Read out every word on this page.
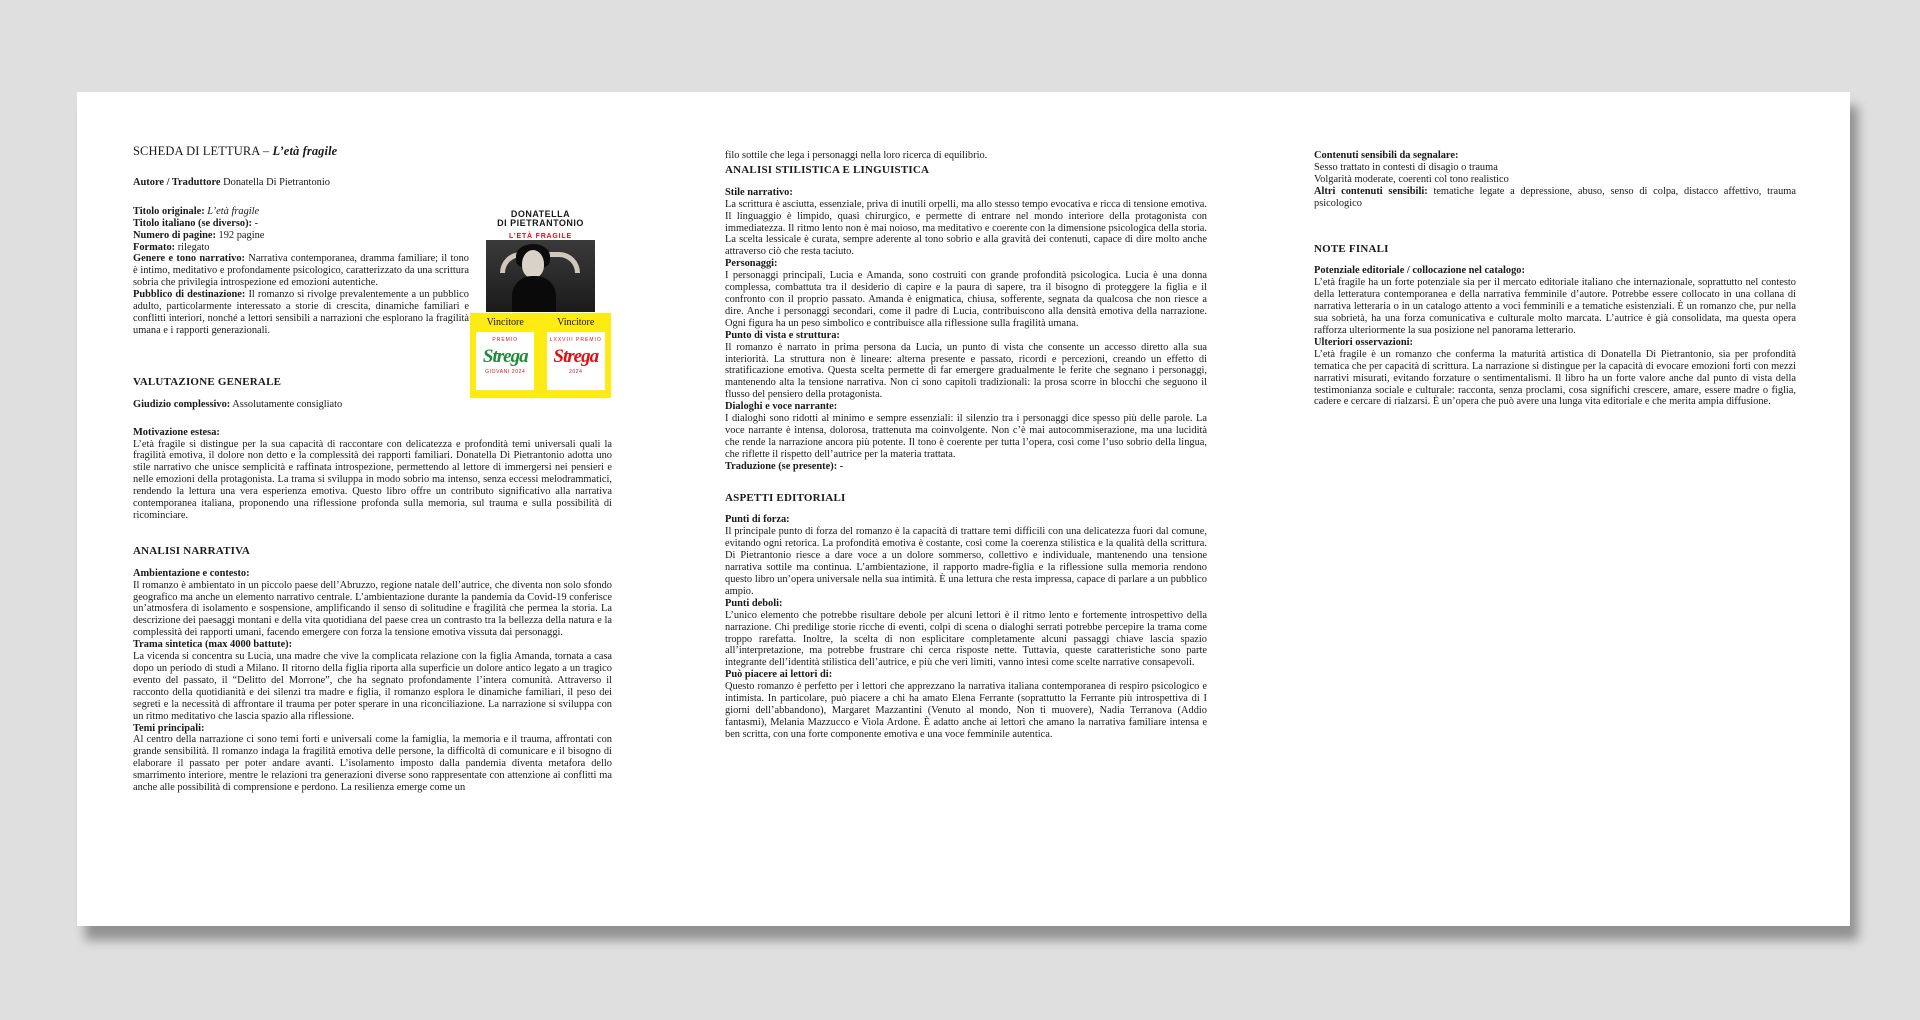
SCHEDA DI LETTURA – L’età fragile

Autore / Traduttore Donatella Di Pietrantonio

Titolo originale: L’età fragile

Titolo italiano (se diverso): -

Numero di pagine: 192 pagine

Formato: rilegato

Genere e tono narrativo: Narrativa contemporanea, dramma familiare; il tono è intimo, meditativo e profondamente psicologico, caratterizzato da una scrittura sobria che privilegia introspezione ed emozioni autentiche.

Pubblico di destinazione: Il romanzo si rivolge prevalentemente a un pubblico adulto, particolarmente interessato a storie di crescita, dinamiche familiari e conflitti interiori, nonché a lettori sensibili a narrazioni che esplorano la fragilità umana e i rapporti generazionali.

DONATELLA
DI PIETRANTONIO
L’ETÀ FRAGILE
Vincitore
PREMIO
Strega
GIOVANI 2024
Vincitore
LXXVIII PREMIO
Strega
2024
VALUTAZIONE GENERALE

Giudizio complessivo: Assolutamente consigliato

Motivazione estesa:
L’età fragile si distingue per la sua capacità di raccontare con delicatezza e profondità temi universali quali la fragilità emotiva, il dolore non detto e la complessità dei rapporti familiari. Donatella Di Pietrantonio adotta uno stile narrativo che unisce semplicità e raffinata introspezione, permettendo al lettore di immergersi nei pensieri e nelle emozioni della protagonista. La trama si sviluppa in modo sobrio ma intenso, senza eccessi melodrammatici, rendendo la lettura una vera esperienza emotiva. Questo libro offre un contributo significativo alla narrativa contemporanea italiana, proponendo una riflessione profonda sulla memoria, sul trauma e sulla possibilità di ricominciare.

ANALISI NARRATIVA

Ambientazione e contesto:
Il romanzo è ambientato in un piccolo paese dell’Abruzzo, regione natale dell’autrice, che diventa non solo sfondo geografico ma anche un elemento narrativo centrale. L’ambientazione durante la pandemia da Covid-19 conferisce un’atmosfera di isolamento e sospensione, amplificando il senso di solitudine e fragilità che permea la storia. La descrizione dei paesaggi montani e della vita quotidiana del paese crea un contrasto tra la bellezza della natura e la complessità dei rapporti umani, facendo emergere con forza la tensione emotiva vissuta dai personaggi.

Trama sintetica (max 4000 battute):
La vicenda si concentra su Lucia, una madre che vive la complicata relazione con la figlia Amanda, tornata a casa dopo un periodo di studi a Milano. Il ritorno della figlia riporta alla superficie un dolore antico legato a un tragico evento del passato, il “Delitto del Morrone”, che ha segnato profondamente l’intera comunità. Attraverso il racconto della quotidianità e dei silenzi tra madre e figlia, il romanzo esplora le dinamiche familiari, il peso dei segreti e la necessità di affrontare il trauma per poter sperare in una riconciliazione. La narrazione si sviluppa con un ritmo meditativo che lascia spazio alla riflessione.

Temi principali:
Al centro della narrazione ci sono temi forti e universali come la famiglia, la memoria e il trauma, affrontati con grande sensibilità. Il romanzo indaga la fragilità emotiva delle persone, la difficoltà di comunicare e il bisogno di elaborare il passato per poter andare avanti. L’isolamento imposto dalla pandemia diventa metafora dello smarrimento interiore, mentre le relazioni tra generazioni diverse sono rappresentate con attenzione ai conflitti ma anche alle possibilità di comprensione e perdono. La resilienza emerge come un

filo sottile che lega i personaggi nella loro ricerca di equilibrio.

ANALISI STILISTICA E LINGUISTICA

Stile narrativo:
La scrittura è asciutta, essenziale, priva di inutili orpelli, ma allo stesso tempo evocativa e ricca di tensione emotiva. Il linguaggio è limpido, quasi chirurgico, e permette di entrare nel mondo interiore della protagonista con immediatezza. Il ritmo lento non è mai noioso, ma meditativo e coerente con la dimensione psicologica della storia. La scelta lessicale è curata, sempre aderente al tono sobrio e alla gravità dei contenuti, capace di dire molto anche attraverso ciò che resta taciuto.

Personaggi:
I personaggi principali, Lucia e Amanda, sono costruiti con grande profondità psicologica. Lucia è una donna complessa, combattuta tra il desiderio di capire e la paura di sapere, tra il bisogno di proteggere la figlia e il confronto con il proprio passato. Amanda è enigmatica, chiusa, sofferente, segnata da qualcosa che non riesce a dire. Anche i personaggi secondari, come il padre di Lucia, contribuiscono alla densità emotiva della narrazione. Ogni figura ha un peso simbolico e contribuisce alla riflessione sulla fragilità umana.

Punto di vista e struttura:
Il romanzo è narrato in prima persona da Lucia, un punto di vista che consente un accesso diretto alla sua interiorità. La struttura non è lineare: alterna presente e passato, ricordi e percezioni, creando un effetto di stratificazione emotiva. Questa scelta permette di far emergere gradualmente le ferite che segnano i personaggi, mantenendo alta la tensione narrativa. Non ci sono capitoli tradizionali: la prosa scorre in blocchi che seguono il flusso del pensiero della protagonista.

Dialoghi e voce narrante:
I dialoghi sono ridotti al minimo e sempre essenziali: il silenzio tra i personaggi dice spesso più delle parole. La voce narrante è intensa, dolorosa, trattenuta ma coinvolgente. Non c’è mai autocommiserazione, ma una lucidità che rende la narrazione ancora più potente. Il tono è coerente per tutta l’opera, così come l’uso sobrio della lingua, che riflette il rispetto dell’autrice per la materia trattata.

Traduzione (se presente): -

ASPETTI EDITORIALI

Punti di forza:
Il principale punto di forza del romanzo è la capacità di trattare temi difficili con una delicatezza fuori dal comune, evitando ogni retorica. La profondità emotiva è costante, così come la coerenza stilistica e la qualità della scrittura. Di Pietrantonio riesce a dare voce a un dolore sommerso, collettivo e individuale, mantenendo una tensione narrativa sottile ma continua. L’ambientazione, il rapporto madre-figlia e la riflessione sulla memoria rendono questo libro un’opera universale nella sua intimità. È una lettura che resta impressa, capace di parlare a un pubblico ampio.

Punti deboli:
L’unico elemento che potrebbe risultare debole per alcuni lettori è il ritmo lento e fortemente introspettivo della narrazione. Chi predilige storie ricche di eventi, colpi di scena o dialoghi serrati potrebbe percepire la trama come troppo rarefatta. Inoltre, la scelta di non esplicitare completamente alcuni passaggi chiave lascia spazio all’interpretazione, ma potrebbe frustrare chi cerca risposte nette. Tuttavia, queste caratteristiche sono parte integrante dell’identità stilistica dell’autrice, e più che veri limiti, vanno intesi come scelte narrative consapevoli.

Può piacere ai lettori di:
Questo romanzo è perfetto per i lettori che apprezzano la narrativa italiana contemporanea di respiro psicologico e intimista. In particolare, può piacere a chi ha amato Elena Ferrante (soprattutto la Ferrante più introspettiva di I giorni dell’abbandono), Margaret Mazzantini (Venuto al mondo, Non ti muovere), Nadia Terranova (Addio fantasmi), Melania Mazzucco e Viola Ardone. È adatto anche ai lettori che amano la narrativa familiare intensa e ben scritta, con una forte componente emotiva e una voce femminile autentica.

Contenuti sensibili da segnalare:

Sesso trattato in contesti di disagio o trauma

Volgarità moderate, coerenti col tono realistico

Altri contenuti sensibili: tematiche legate a depressione, abuso, senso di colpa, distacco affettivo, trauma psicologico

NOTE FINALI

Potenziale editoriale / collocazione nel catalogo:
L’età fragile ha un forte potenziale sia per il mercato editoriale italiano che internazionale, soprattutto nel contesto della letteratura contemporanea e della narrativa femminile d’autore. Potrebbe essere collocato in una collana di narrativa letteraria o in un catalogo attento a voci femminili e a tematiche esistenziali. È un romanzo che, pur nella sua sobrietà, ha una forza comunicativa e culturale molto marcata. L’autrice è già consolidata, ma questa opera rafforza ulteriormente la sua posizione nel panorama letterario.

Ulteriori osservazioni:
L’età fragile è un romanzo che conferma la maturità artistica di Donatella Di Pietrantonio, sia per profondità tematica che per capacità di scrittura. La narrazione si distingue per la capacità di evocare emozioni forti con mezzi narrativi misurati, evitando forzature o sentimentalismi. Il libro ha un forte valore anche dal punto di vista della testimonianza sociale e culturale: racconta, senza proclami, cosa significhi crescere, amare, essere madre o figlia, cadere e cercare di rialzarsi. È un’opera che può avere una lunga vita editoriale e che merita ampia diffusione.
